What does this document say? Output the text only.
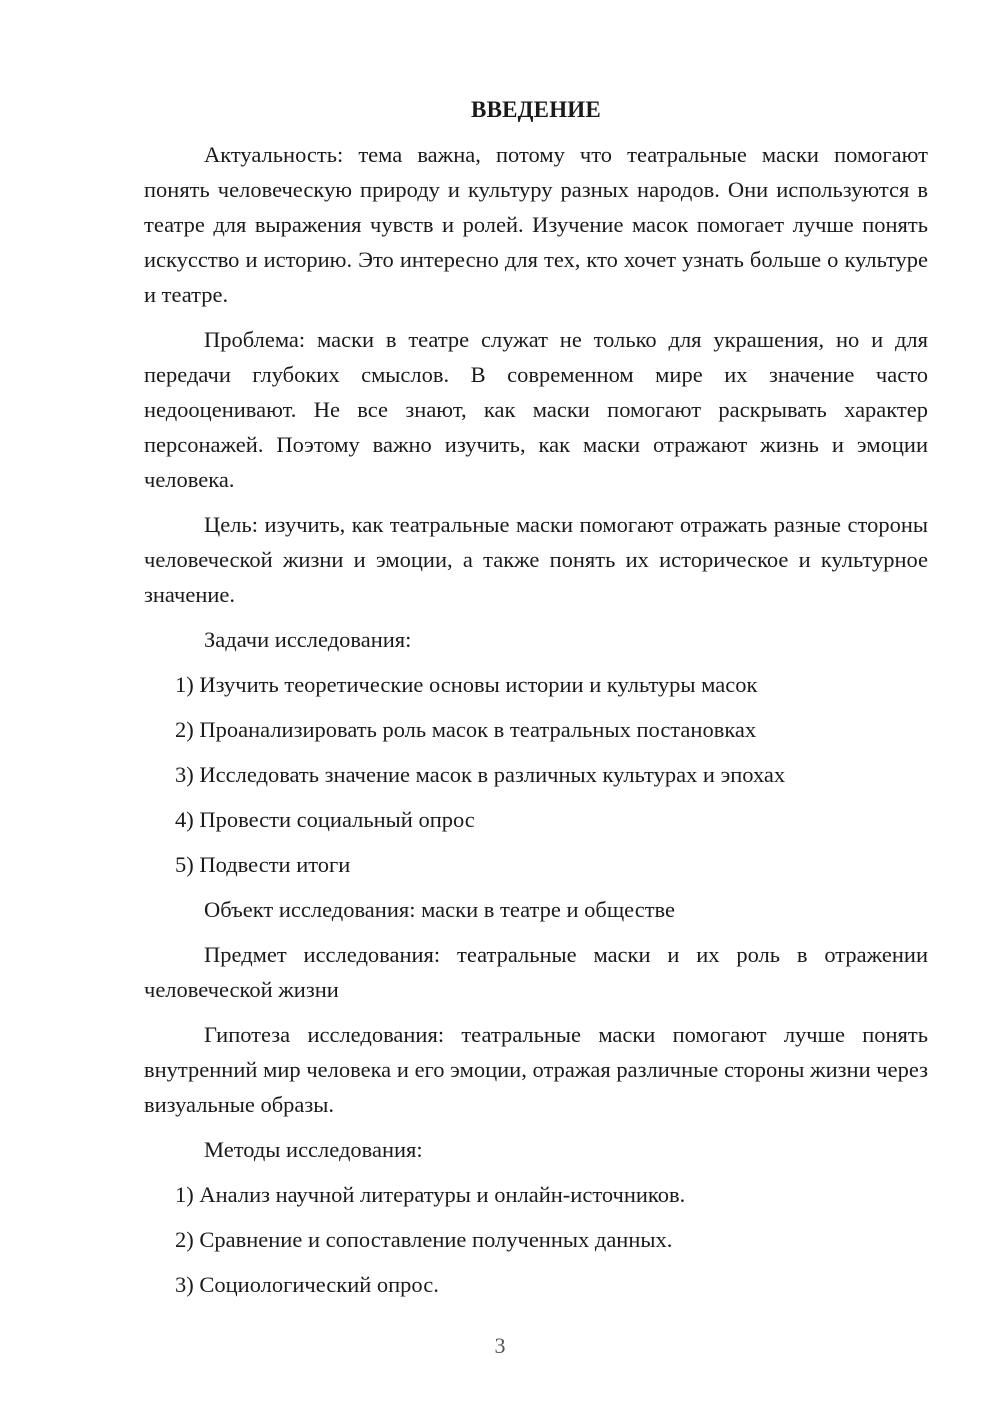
ВВЕДЕНИЕ

Актуальность: тема важна, потому что театральные маски помогают понять человеческую природу и культуру разных народов. Они используются в театре для выражения чувств и ролей. Изучение масок помогает лучше понять искусство и историю. Это интересно для тех, кто хочет узнать больше о культуре и театре.

Проблема: маски в театре служат не только для украшения, но и для передачи глубоких смыслов. В современном мире их значение часто недооценивают. Не все знают, как маски помогают раскрывать характер персонажей. Поэтому важно изучить, как маски отражают жизнь и эмоции человека.

Цель: изучить, как театральные маски помогают отражать разные стороны человеческой жизни и эмоции, а также понять их историческое и культурное значение.

Задачи исследования:

1) Изучить теоретические основы истории и культуры масок

2) Проанализировать роль масок в театральных постановках

3) Исследовать значение масок в различных культурах и эпохах

4) Провести социальный опрос

5) Подвести итоги

Объект исследования: маски в театре и обществе

Предмет исследования: театральные маски и их роль в отражении человеческой жизни

Гипотеза исследования: театральные маски помогают лучше понять внутренний мир человека и его эмоции, отражая различные стороны жизни через визуальные образы.

Методы исследования:

1) Анализ научной литературы и онлайн-источников.

2) Сравнение и сопоставление полученных данных.

3) Социологический опрос.

3
